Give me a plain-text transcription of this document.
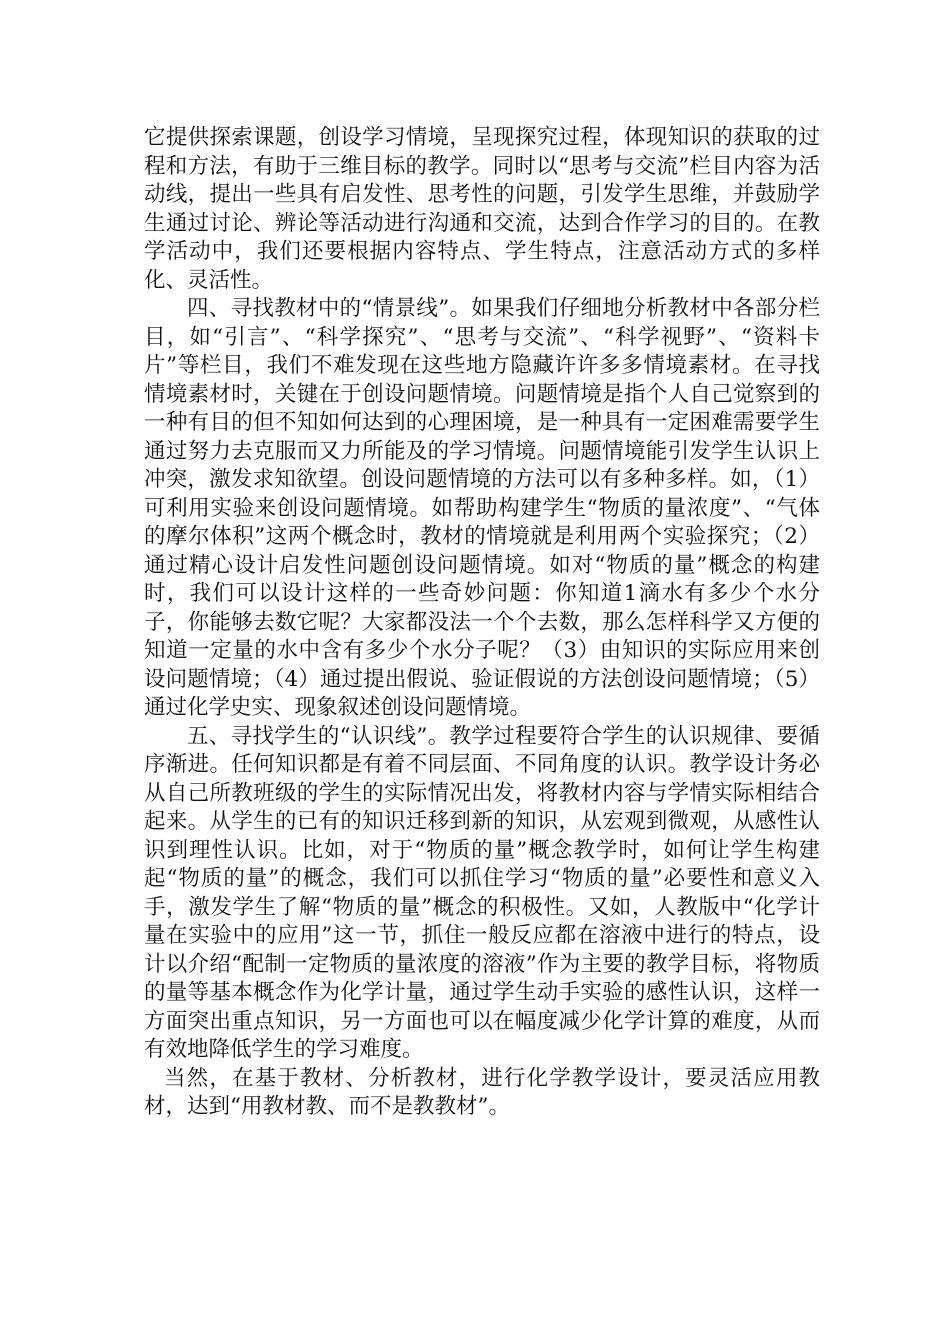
它提供探索课题，创设学习情境，呈现探究过程，体现知识的获取的过程和方法，有助于三维目标的教学。同时以“思考与交流”栏目内容为活动线，提出一些具有启发性、思考性的问题，引发学生思维，并鼓励学生通过讨论、辨论等活动进行沟通和交流，达到合作学习的目的。在教学活动中，我们还要根据内容特点、学生特点，注意活动方式的多样化、灵活性。

四、寻找教材中的“情景线”。如果我们仔细地分析教材中各部分栏目，如“引言”、“科学探究”、“思考与交流”、“科学视野”、“资料卡片”等栏目，我们不难发现在这些地方隐藏许许多多情境素材。在寻找情境素材时，关键在于创设问题情境。问题情境是指个人自己觉察到的一种有目的但不知如何达到的心理困境，是一种具有一定困难需要学生通过努力去克服而又力所能及的学习情境。问题情境能引发学生认识上冲突，激发求知欲望。创设问题情境的方法可以有多种多样。如，（1）可利用实验来创设问题情境。如帮助构建学生“物质的量浓度”、“气体的摩尔体积”这两个概念时，教材的情境就是利用两个实验探究；（2）通过精心设计启发性问题创设问题情境。如对“物质的量”概念的构建时，我们可以设计这样的一些奇妙问题：你知道1滴水有多少个水分子，你能够去数它呢？大家都没法一个个去数，那么怎样科学又方便的知道一定量的水中含有多少个水分子呢？（3）由知识的实际应用来创设问题情境；（4）通过提出假说、验证假说的方法创设问题情境；（5）通过化学史实、现象叙述创设问题情境。

五、寻找学生的“认识线”。教学过程要符合学生的认识规律、要循序渐进。任何知识都是有着不同层面、不同角度的认识。教学设计务必从自己所教班级的学生的实际情况出发，将教材内容与学情实际相结合起来。从学生的已有的知识迁移到新的知识，从宏观到微观，从感性认识到理性认识。比如，对于“物质的量”概念教学时，如何让学生构建起“物质的量”的概念，我们可以抓住学习“物质的量”必要性和意义入手，激发学生了解“物质的量”概念的积极性。又如，人教版中“化学计量在实验中的应用”这一节，抓住一般反应都在溶液中进行的特点，设计以介绍“配制一定物质的量浓度的溶液”作为主要的教学目标，将物质的量等基本概念作为化学计量，通过学生动手实验的感性认识，这样一方面突出重点知识，另一方面也可以在幅度减少化学计算的难度，从而有效地降低学生的学习难度。

当然，在基于教材、分析教材，进行化学教学设计，要灵活应用教材，达到“用教材教、而不是教教材”。
